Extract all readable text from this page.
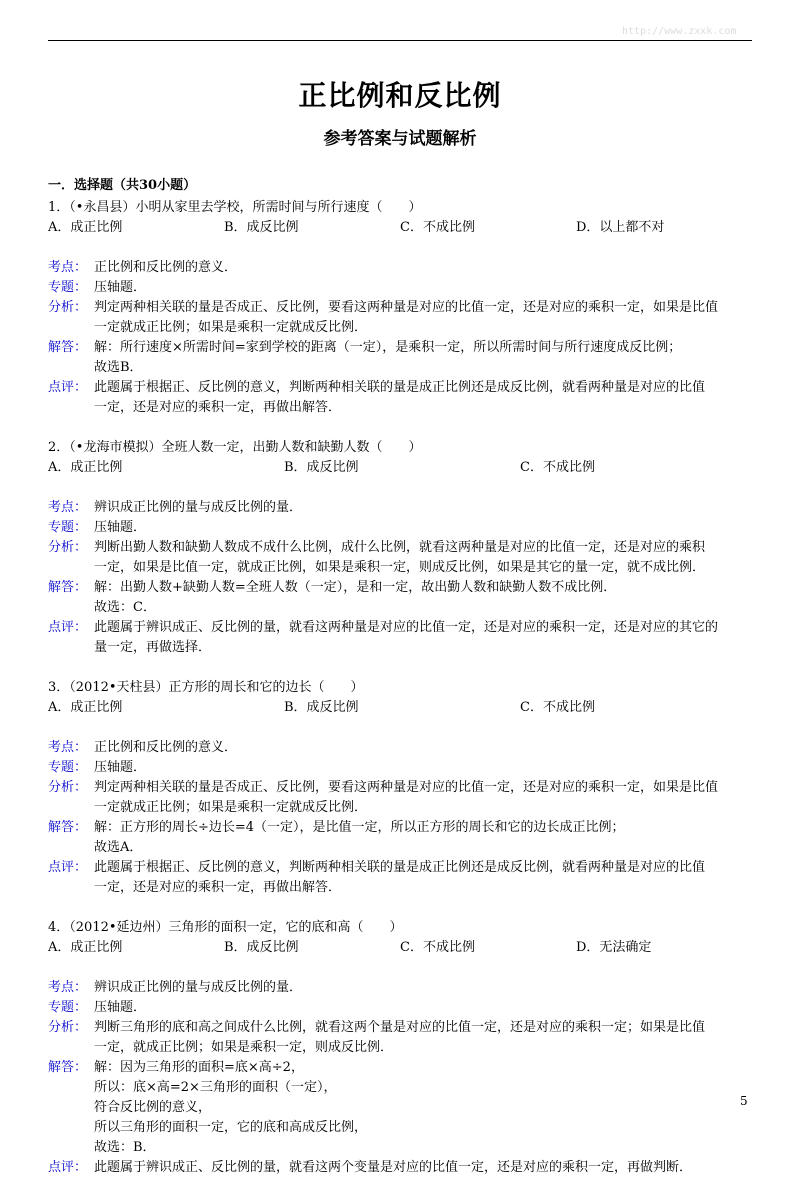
http://www.zxxk.com
正比例和反比例
参考答案与试题解析
一．选择题（共30小题）
1．（•永昌县）小明从家里去学校，所需时间与所行速度（　　）
A．成正比例	B．成反比例	C．不成比例	D．以上都不对
考点： 正比例和反比例的意义．
专题： 压轴题．
分析： 判定两种相关联的量是否成正、反比例，要看这两种量是对应的比值一定，还是对应的乘积一定，如果是比值
一定就成正比例；如果是乘积一定就成反比例．
解答： 解：所行速度×所需时间=家到学校的距离（一定），是乘积一定，所以所需时间与所行速度成反比例；
故选B．
点评： 此题属于根据正、反比例的意义，判断两种相关联的量是成正比例还是成反比例，就看两种量是对应的比值
一定，还是对应的乘积一定，再做出解答．
2．（•龙海市模拟）全班人数一定，出勤人数和缺勤人数（　　）
A．成正比例	B．成反比例	C．不成比例
考点： 辨识成正比例的量与成反比例的量．
专题： 压轴题．
分析： 判断出勤人数和缺勤人数成不成什么比例，成什么比例，就看这两种量是对应的比值一定，还是对应的乘积
一定，如果是比值一定，就成正比例，如果是乘积一定，则成反比例，如果是其它的量一定，就不成比例．
解答： 解：出勤人数+缺勤人数=全班人数（一定），是和一定，故出勤人数和缺勤人数不成比例．
故选：C．
点评： 此题属于辨识成正、反比例的量，就看这两种量是对应的比值一定，还是对应的乘积一定，还是对应的其它的
量一定，再做选择．
3．（2012•天柱县）正方形的周长和它的边长（　　）
A．成正比例	B．成反比例	C．不成比例
考点： 正比例和反比例的意义．
专题： 压轴题．
分析： 判定两种相关联的量是否成正、反比例，要看这两种量是对应的比值一定，还是对应的乘积一定，如果是比值
一定就成正比例；如果是乘积一定就成反比例．
解答： 解：正方形的周长÷边长=4（一定），是比值一定，所以正方形的周长和它的边长成正比例；
故选A．
点评： 此题属于根据正、反比例的意义，判断两种相关联的量是成正比例还是成反比例，就看两种量是对应的比值
一定，还是对应的乘积一定，再做出解答．
4．（2012•延边州）三角形的面积一定，它的底和高（　　）
A．成正比例	B．成反比例	C．不成比例	D．无法确定
考点： 辨识成正比例的量与成反比例的量．
专题： 压轴题．
分析： 判断三角形的底和高之间成什么比例，就看这两个量是对应的比值一定，还是对应的乘积一定；如果是比值
一定，就成正比例；如果是乘积一定，则成反比例．
解答： 解：因为三角形的面积=底×高÷2，
所以：底×高=2×三角形的面积（一定），
符合反比例的意义，
所以三角形的面积一定，它的底和高成反比例，
故选：B．
点评： 此题属于辨识成正、反比例的量，就看这两个变量是对应的比值一定，还是对应的乘积一定，再做判断．
5
